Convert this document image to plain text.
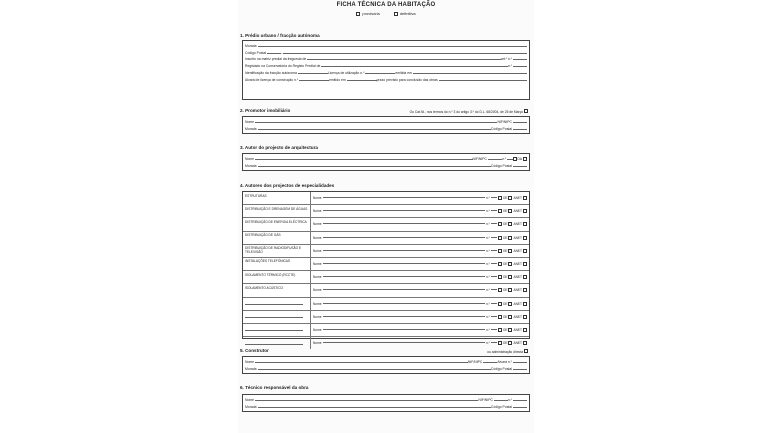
FICHA TÉCNICA DA HABITAÇÃO
provisória	definitiva
1. Prédio urbano / fracção autónoma
Morada
Código Postal	-
Inscrito na matriz predial da freguesia de	art.º n.º
Registado na Conservatória do Registo Predial de	n.º
Identificação da fracção autónoma	Licença de utilização n.º	emitida em
Alvará de licença de construção n.º	emitido em	prazo previsto para conclusão das obras
2. Promotor imobiliário	Ou Cat.Ni., nos termos do n.º 3 do artigo 3.º do D.L. 68/2004, de 25 de Março
Nome	NIF/NIPC
Morada	Código Postal
3. Autor do projecto de arquitectura
Nome	NIF/NIPC	n.º	OA
Morada	Código Postal
4. Autores dos projectos de especialidades
ESTRUTURAS
Nome	n.º	OE ANET
DISTRIBUIÇÃO E DRENAGEM DE ÁGUAS
Nome	n.º	OE ANET
DISTRIBUIÇÃO DE ENERGIA ELÉCTRICA
Nome	n.º	OE ANET
DISTRIBUIÇÃO DE GÁS
Nome	n.º	OE ANET
DISTRIBUIÇÃO DE RADIODIFUSÃO E TELEVISÃO	Nome	n.º	OE ANET
INSTALAÇÕES TELEFÓNICAS
Nome	n.º	OE ANET
ISOLAMENTO TÉRMICO (RCCTE)
Nome	n.º	OE ANET
ISOLAMENTO ACÚSTICO
Nome	n.º	OE ANET
Nome	n.º	OE ANET
Nome	n.º	OE ANET
Nome	n.º	OE ANET
Nome	n.º	OE ANET
5. Construtor	ou administração directa
Nome	NIF/NIPC	Alvará n.º
Morada	Código Postal
6. Técnico responsável da obra
Nome	NIF/NIPC	n.º
Morada	Código Postal
